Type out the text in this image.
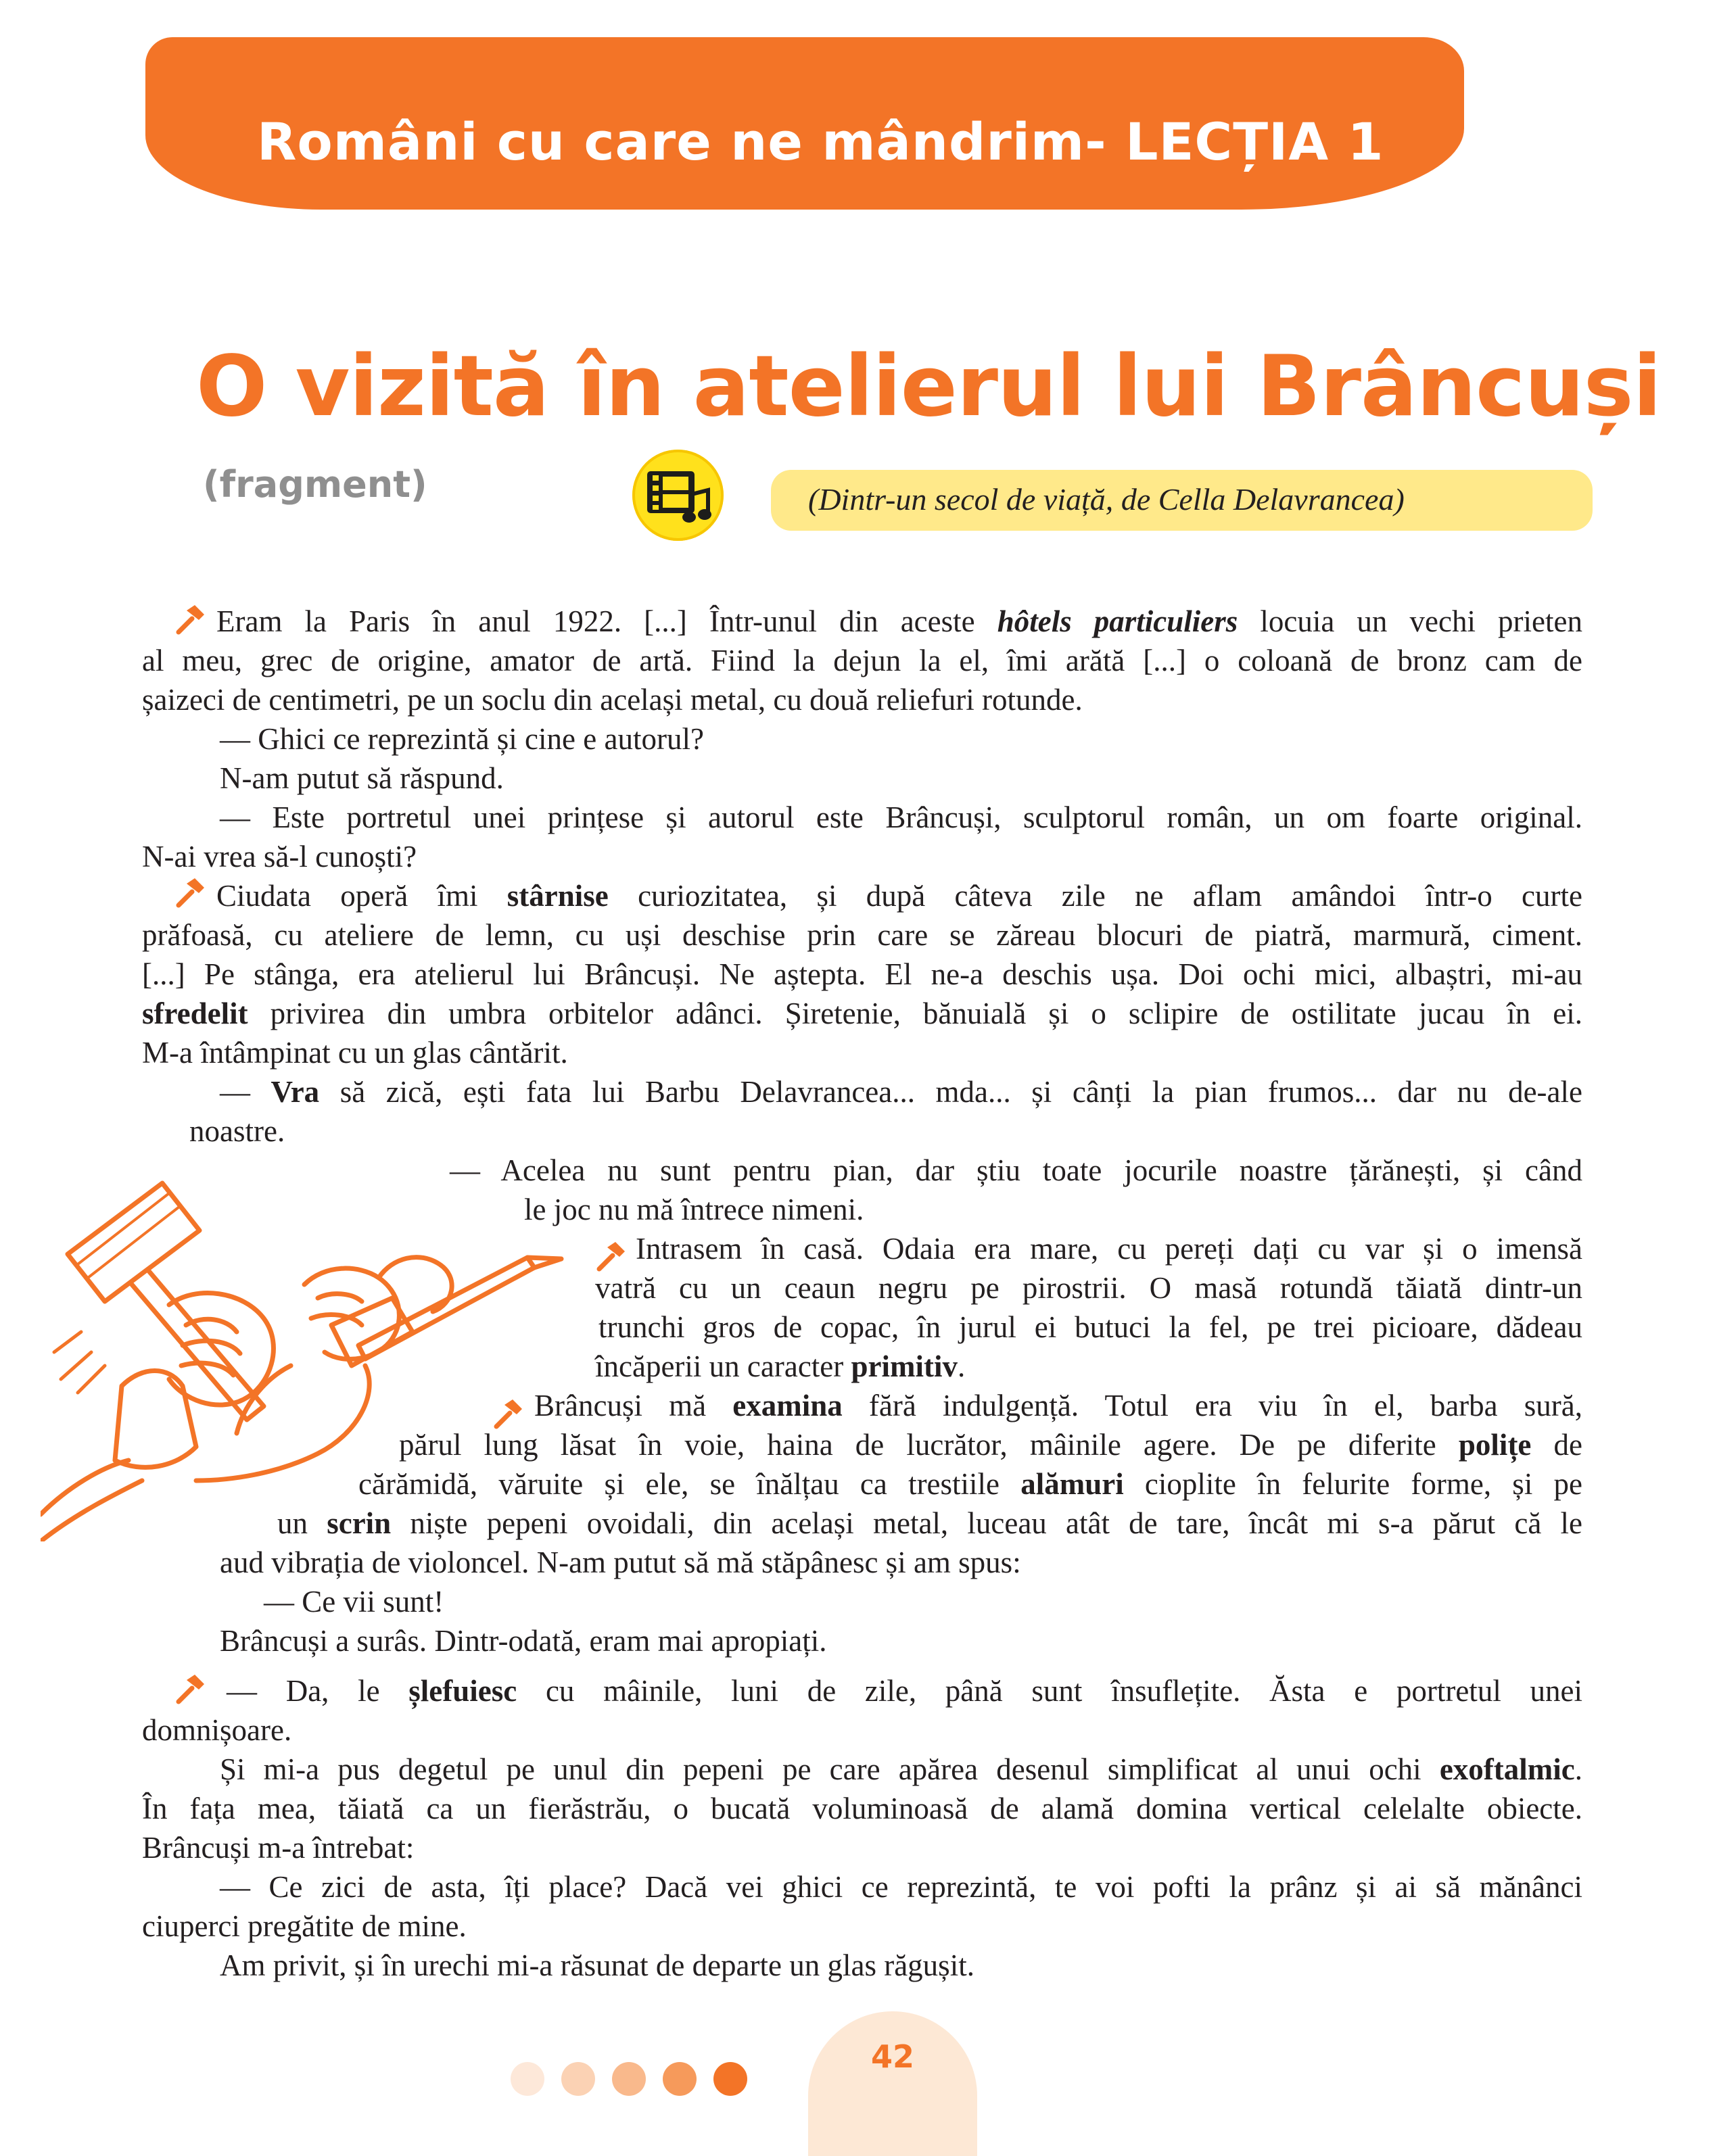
Români cu care ne mândrim- LECȚIA 1
O vizită în atelierul lui Brâncuși
(fragment)	(Dintr-un secol de viață, de Cella Delavrancea)
Eram la Paris în anul 1922. [...] Într-unul din aceste hôtels particuliers locuia un vechi prieten
al meu, grec de origine, amator de artă. Fiind la dejun la el, îmi arătă [...] o coloană de bronz cam de
șaizeci de centimetri, pe un soclu din același metal, cu două reliefuri rotunde.
— Ghici ce reprezintă și cine e autorul?
N-am putut să răspund.
— Este portretul unei prințese și autorul este Brâncuși, sculptorul român, un om foarte original.
N-ai vrea să-l cunoști?
Ciudata operă îmi stârnise curiozitatea, și după câteva zile ne aflam amândoi într-o curte
prăfoasă, cu ateliere de lemn, cu uși deschise prin care se zăreau blocuri de piatră, marmură, ciment.
[...] Pe stânga, era atelierul lui Brâncuși. Ne aștepta. El ne-a deschis ușa. Doi ochi mici, albaștri, mi-au
sfredelit privirea din umbra orbitelor adânci. Șiretenie, bănuială și o sclipire de ostilitate jucau în ei.
M-a întâmpinat cu un glas cântărit.
— Vra să zică, ești fata lui Barbu Delavrancea... mda... și cânți la pian frumos... dar nu de-ale
noastre.
— Acelea nu sunt pentru pian, dar știu toate jocurile noastre țărănești, și când
le joc nu mă întrece nimeni.
Intrasem în casă. Odaia era mare, cu pereți dați cu var și o imensă
vatră cu un ceaun negru pe pirostrii. O masă rotundă tăiată dintr-un
trunchi gros de copac, în jurul ei butuci la fel, pe trei picioare, dădeau
încăperii un caracter primitiv.
Brâncuși mă examina fără indulgență. Totul era viu în el, barba sură,
părul lung lăsat în voie, haina de lucrător, mâinile agere. De pe diferite polițe de
cărămidă, văruite și ele, se înălțau ca trestiile alămuri cioplite în felurite forme, și pe
un scrin niște pepeni ovoidali, din același metal, luceau atât de tare, încât mi s-a părut că le
aud vibrația de violoncel. N-am putut să mă stăpânesc și am spus:
— Ce vii sunt!
Brâncuși a surâs. Dintr-odată, eram mai apropiați.
— Da, le șlefuiesc cu mâinile, luni de zile, până sunt însuflețite. Ăsta e portretul unei
domnișoare.
Și mi-a pus degetul pe unul din pepeni pe care apărea desenul simplificat al unui ochi exoftalmic.
În fața mea, tăiată ca un fierăstrău, o bucată voluminoasă de alamă domina vertical celelalte obiecte.
Brâncuși m-a întrebat:
— Ce zici de asta, îți place? Dacă vei ghici ce reprezintă, te voi pofti la prânz și ai să mănânci
ciuperci pregătite de mine.
Am privit, și în urechi mi-a răsunat de departe un glas răgușit.
42
